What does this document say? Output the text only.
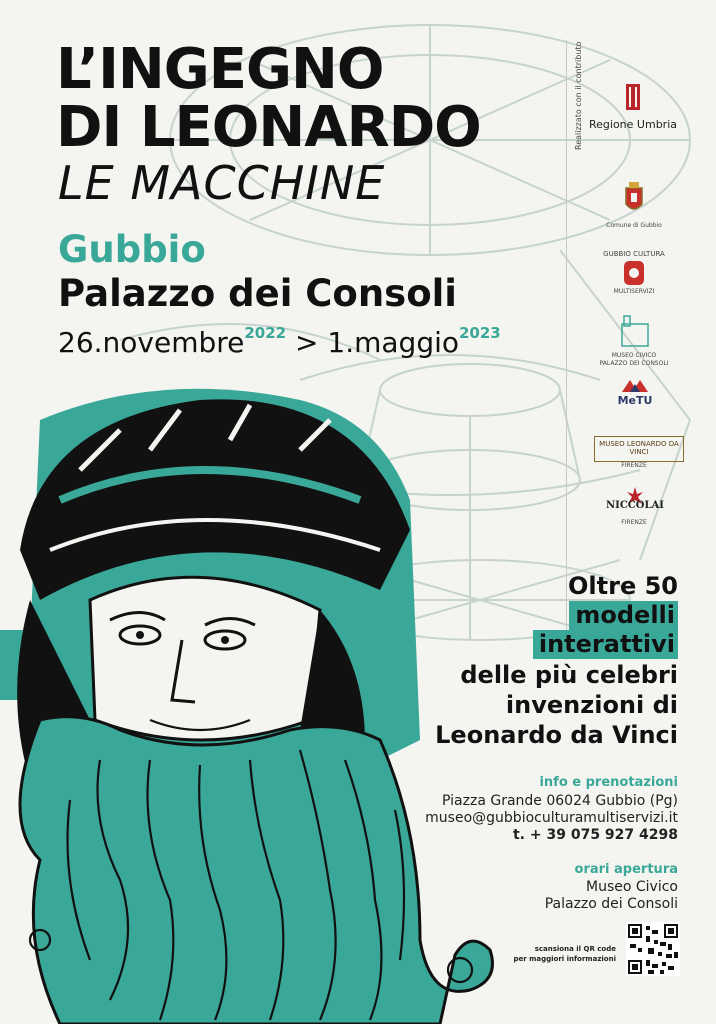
L’INGEGNO
DI LEONARDO
LE MACCHINE
Gubbio
Palazzo dei Consoli
26.novembre$^{2022}$ > 1.maggio$^{2023}$
Realizzato con il contributo Regione Umbria
Comune di Gubbio
GUBBIO CULTURA
MULTISERVIZI
MUSEO CIVICO
PALAZZO DEI CONSOLI
MeTU
MUSEO LEONARDO DA VINCI
FIRENZE
NICCOLAI
FIRENZE
Oltre 50
modelli
interattivi
delle più celebri
invenzioni di
Leonardo da Vinci
info e prenotazioni
Piazza Grande 06024 Gubbio (Pg)
museo@gubbioculturamultiservizi.it
t. + 39 075 927 4298
orari apertura
Museo Civico
Palazzo dei Consoli
scansiona il QR code
per maggiori informazioni
